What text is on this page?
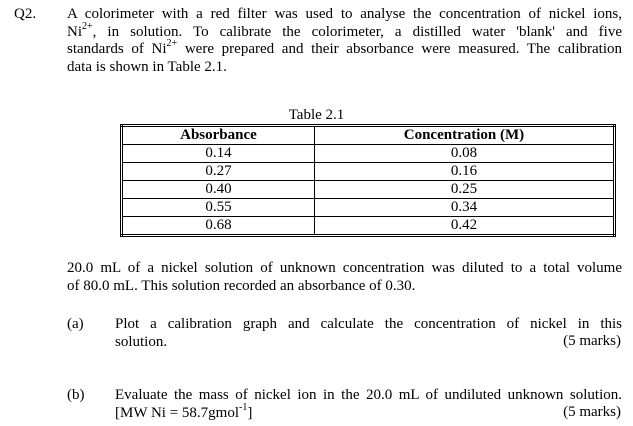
Q2. A colorimeter with a red filter was used to analyse the concentration of nickel ions,
$Ni^{2+}$, in solution. To calibrate the colorimeter, a distilled water 'blank' and five
standards of $Ni^{2+}$ were prepared and their absorbance were measured. The calibration
data is shown in Table 2.1.
Table 2.1
Absorbance	Concentration (M)
0.14	0.08
0.27	0.16
0.40	0.25
0.55	0.34
0.68	0.42
20.0 mL of a nickel solution of unknown concentration was diluted to a total volume
of 80.0 mL. This solution recorded an absorbance of 0.30.
(a) Plot a calibration graph and calculate the concentration of nickel in this
solution.	(5 marks)
(b) Evaluate the mass of nickel ion in the 20.0 mL of undiluted unknown solution.
[MW Ni = 58.7gmol$^{-1}$]	(5 marks)
